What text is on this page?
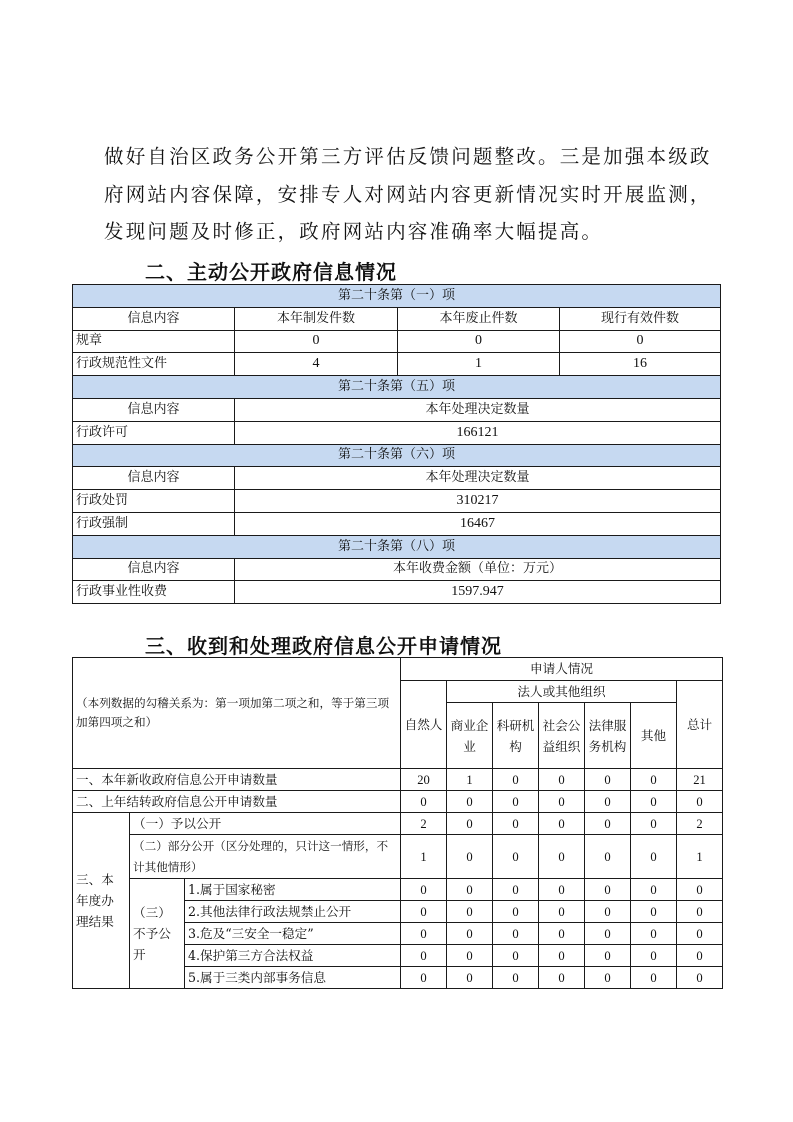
做好自治区政务公开第三方评估反馈问题整改。三是加强本级政

府网站内容保障，安排专人对网站内容更新情况实时开展监测，

发现问题及时修正，政府网站内容准确率大幅提高。

二、主动公开政府信息情况
第二十条第（一）项			
信息内容	本年制发件数	本年废止件数	现行有效件数
规章	0	0	0
行政规范性文件	4	1	16
第二十条第（五）项			
信息内容	本年处理决定数量		
行政许可	166121		
第二十条第（六）项			
信息内容	本年处理决定数量		
行政处罚	310217		
行政强制	16467		
第二十条第（八）项			
信息内容	本年收费金额（单位：万元）		
行政事业性收费	1597.947		
三、收到和处理政府信息公开申请情况
（本列数据的勾稽关系为：第一项加第二项之和，等于第三项加第四项之和）			申请人情况						
			自然人	法人或其他组织					总计
				商业企业	科研机构	社会公益组织	法律服务机构	其他	
一、本年新收政府信息公开申请数量			20	1	0	0	0	0	21
二、上年结转政府信息公开申请数量			0	0	0	0	0	0	0
三、本年度办理结果	（一）予以公开		2	0	0	0	0	0	2
	（二）部分公开（区分处理的，只计这一情形，不计其他情形）		1	0	0	0	0	0	1
	（三）不予公开	1.属于国家秘密	0	0	0	0	0	0	0
		2.其他法律行政法规禁止公开	0	0	0	0	0	0	0
		3.危及“三安全一稳定”	0	0	0	0	0	0	0
		4.保护第三方合法权益	0	0	0	0	0	0	0
		5.属于三类内部事务信息	0	0	0	0	0	0	0
